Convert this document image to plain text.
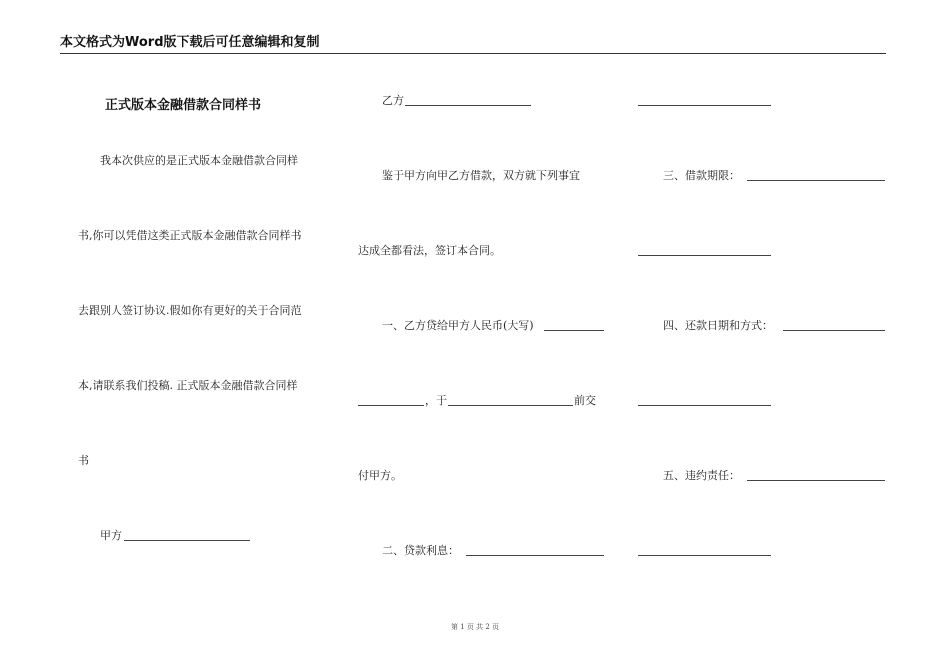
本文格式为Word版下载后可任意编辑和复制
正式版本金融借款合同样书
我本次供应的是正式版本金融借款合同样
书,你可以凭借这类正式版本金融借款合同样书
去跟别人签订协议.假如你有更好的关于合同范
本,请联系我们投稿. 正式版本金融借款合同样
书
甲方
乙方
鉴于甲方向甲乙方借款，双方就下列事宜
达成全都看法，签订本合同。
一、乙方贷给甲方人民币(大写)
，于	前交
付甲方。
二、贷款利息：
三、借款期限：
四、还款日期和方式：
五、违约责任：
第 1 页 共 2 页
